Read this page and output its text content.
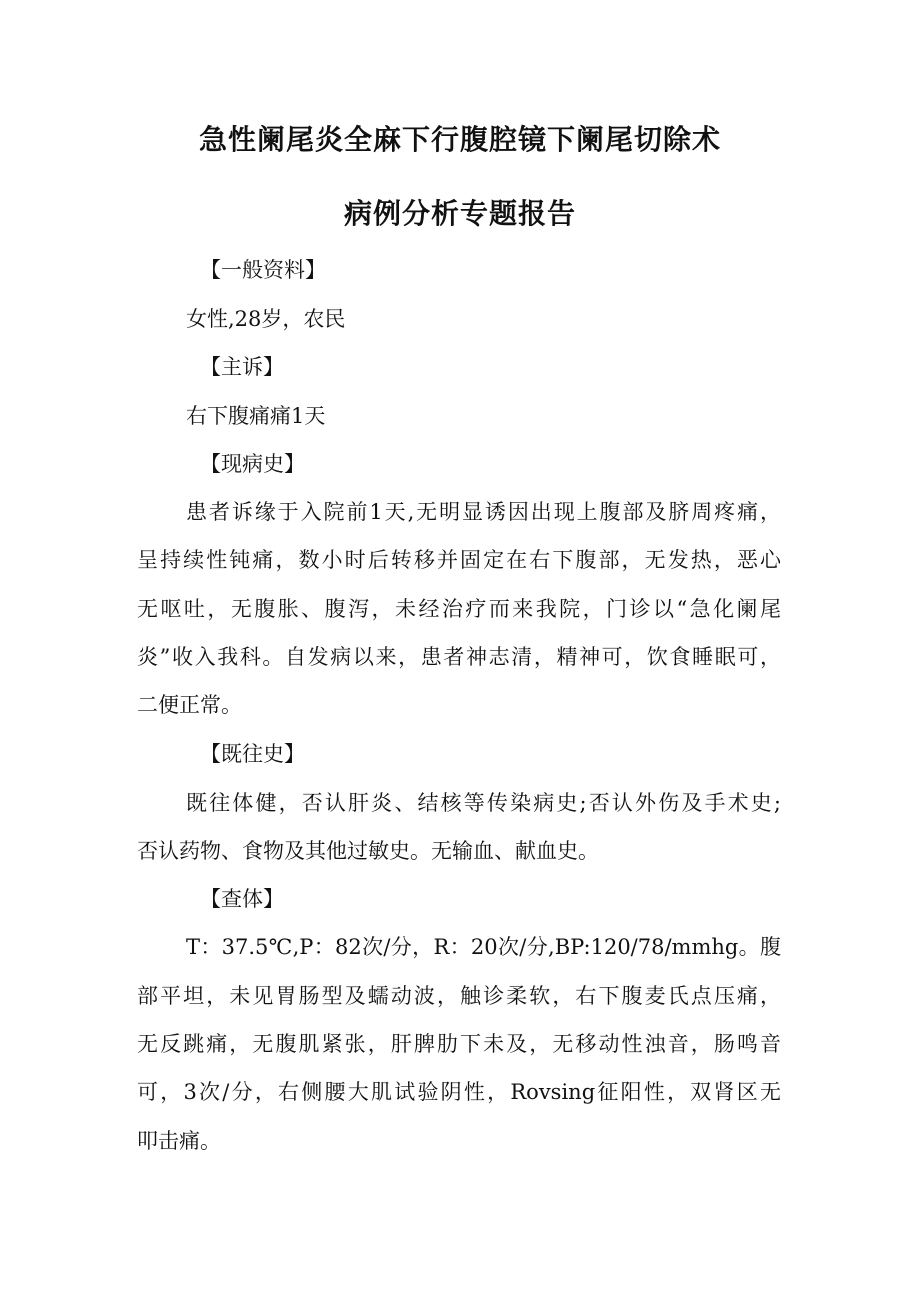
急性阑尾炎全麻下行腹腔镜下阑尾切除术
病例分析专题报告
【一般资料】
女性,28岁，农民
【主诉】
右下腹痛痛1天
【现病史】
患者诉缘于入院前1天,无明显诱因出现上腹部及脐周疼痛，
呈持续性钝痛，数小时后转移并固定在右下腹部，无发热，恶心
无呕吐，无腹胀、腹泻，未经治疗而来我院，门诊以“急化阑尾
炎”收入我科。自发病以来，患者神志清，精神可，饮食睡眠可，
二便正常。
【既往史】
既往体健，否认肝炎、结核等传染病史;否认外伤及手术史;
否认药物、食物及其他过敏史。无输血、献血史。
【查体】
T：37.5℃,P：82次/分，R：20次/分,BP:120/78/mmhg。腹
部平坦，未见胃肠型及蠕动波，触诊柔软，右下腹麦氏点压痛，
无反跳痛，无腹肌紧张，肝脾肋下未及，无移动性浊音，肠鸣音
可，3次/分，右侧腰大肌试验阴性，Rovsing征阳性，双肾区无
叩击痛。
